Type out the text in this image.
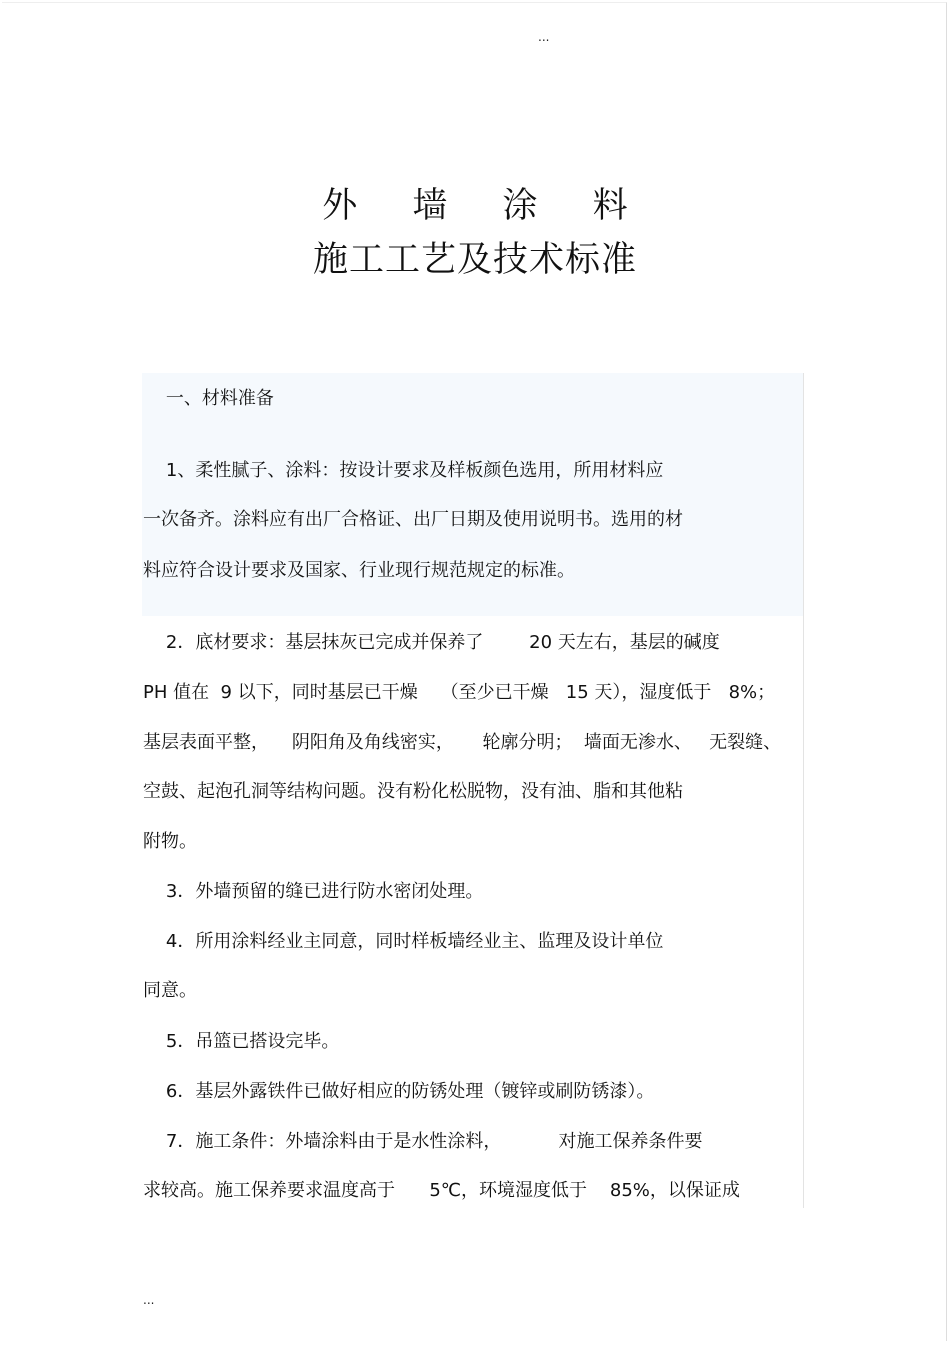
...
外 墙 涂 料
施工工艺及技术标准
一、材料准备
1、柔性腻子、涂料：按设计要求及样板颜色选用，所用材料应
一次备齐。涂料应有出厂合格证、出厂日期及使用说明书。选用的材
料应符合设计要求及国家、行业现行规范规定的标准。
2．底材要求：基层抹灰已完成并保养了        20 天左右，基层的碱度
PH 值在  9 以下，同时基层已干燥    （至少已干燥   15 天），湿度低于   8%；
基层表面平整，    阴阳角及角线密实，     轮廓分明；  墙面无渗水、   无裂缝、
空鼓、起泡孔洞等结构问题。没有粉化松脱物，没有油、脂和其他粘
附物。
3．外墙预留的缝已进行防水密闭处理。
4．所用涂料经业主同意，同时样板墙经业主、监理及设计单位
同意。
5．吊篮已搭设完毕。
6．基层外露铁件已做好相应的防锈处理（镀锌或刷防锈漆）。
7．施工条件：外墙涂料由于是水性涂料，          对施工保养条件要
求较高。施工保养要求温度高于      5℃，环境湿度低于    85%，以保证成
...
